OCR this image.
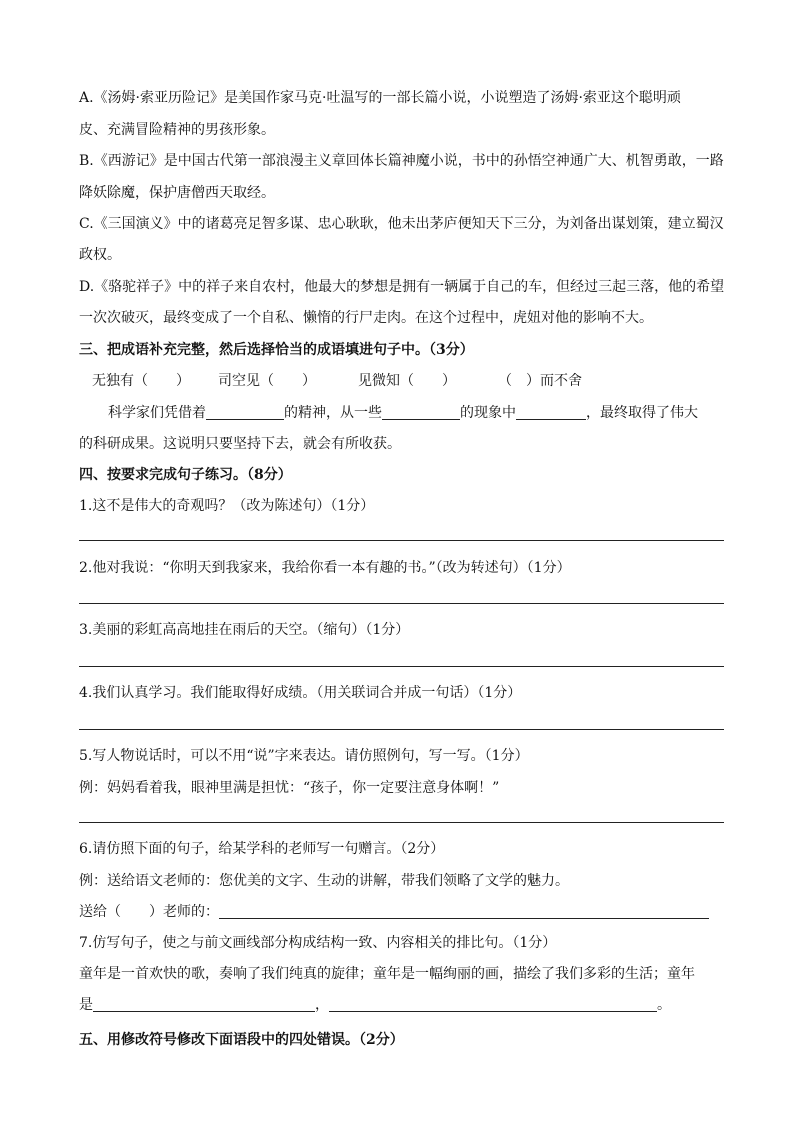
A.《汤姆·索亚历险记》是美国作家马克·吐温写的一部长篇小说，小说塑造了汤姆·索亚这个聪明顽
皮、充满冒险精神的男孩形象。
B.《西游记》是中国古代第一部浪漫主义章回体长篇神魔小说，书中的孙悟空神通广大、机智勇敢，一路
降妖除魔，保护唐僧西天取经。
C.《三国演义》中的诸葛亮足智多谋、忠心耿耿，他未出茅庐便知天下三分，为刘备出谋划策，建立蜀汉
政权。
D.《骆驼祥子》中的祥子来自农村，他最大的梦想是拥有一辆属于自己的车，但经过三起三落，他的希望
一次次破灭，最终变成了一个自私、懒惰的行尸走肉。在这个过程中，虎妞对他的影响不大。
三、把成语补充完整，然后选择恰当的成语填进句子中。（3分）
无独有（　　） 司空见（　　）	见微知（　　）	（　）而不舍
科学家们凭借着	的精神，从一些	的现象中	，最终取得了伟大
的科研成果。这说明只要坚持下去，就会有所收获。
四、按要求完成句子练习。（8分）
1.这不是伟大的奇观吗？（改为陈述句）（1分）
2.他对我说：“你明天到我家来，我给你看一本有趣的书。”（改为转述句）（1分）
3.美丽的彩虹高高地挂在雨后的天空。（缩句）（1分）
4.我们认真学习。我们能取得好成绩。（用关联词合并成一句话）（1分）
5.写人物说话时，可以不用“说”字来表达。请仿照例句，写一写。（1分）
例：妈妈看着我，眼神里满是担忧：“孩子，你一定要注意身体啊！”
6.请仿照下面的句子，给某学科的老师写一句赠言。（2分）
例：送给语文老师的：您优美的文字、生动的讲解，带我们领略了文学的魅力。
送给（　　）老师的：
7.仿写句子，使之与前文画线部分构成结构一致、内容相关的排比句。（1分）
童年是一首欢快的歌，奏响了我们纯真的旋律；童年是一幅绚丽的画，描绘了我们多彩的生活；童年
是	，	。
五、用修改符号修改下面语段中的四处错误。（2分）
